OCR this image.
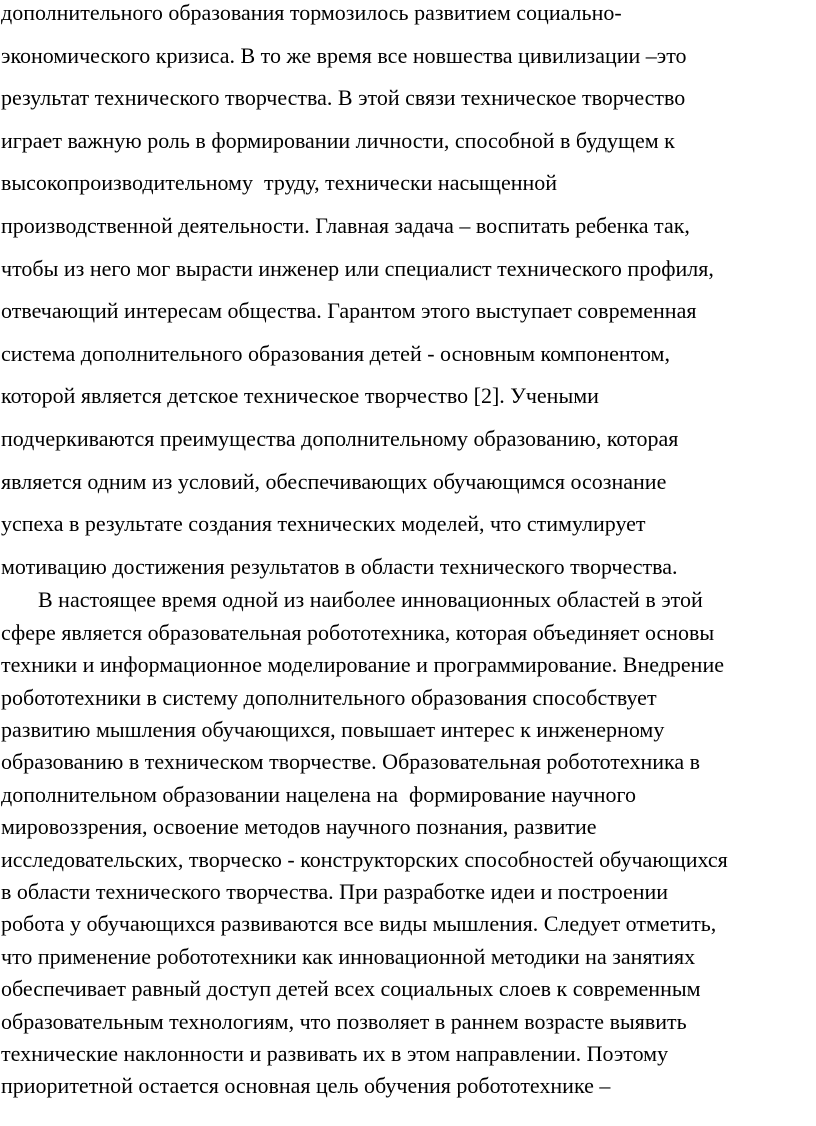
дополнительного образования тормозилось развитием социально-
экономического кризиса. В то же время все новшества цивилизации –это
результат технического творчества. В этой связи техническое творчество
играет важную роль в формировании личности, способной в будущем к
высокопроизводительному  труду, технически насыщенной
производственной деятельности. Главная задача – воспитать ребенка так,
чтобы из него мог вырасти инженер или специалист технического профиля,
отвечающий интересам общества. Гарантом этого выступает современная
система дополнительного образования детей - основным компонентом,
которой является детское техническое творчество [2]. Учеными
подчеркиваются преимущества дополнительному образованию, которая
является одним из условий, обеспечивающих обучающимся осознание
успеха в результате создания технических моделей, что стимулирует
мотивацию достижения результатов в области технического творчества.
В настоящее время одной из наиболее инновационных областей в этой
сфере является образовательная робототехника, которая объединяет основы
техники и информационное моделирование и программирование. Внедрение
робототехники в систему дополнительного образования способствует
развитию мышления обучающихся, повышает интерес к инженерному
образованию в техническом творчестве. Образовательная робототехника в
дополнительном образовании нацелена на  формирование научного
мировоззрения, освоение методов научного познания, развитие
исследовательских, творческо - конструкторских способностей обучающихся
в области технического творчества. При разработке идеи и построении
робота у обучающихся развиваются все виды мышления. Следует отметить,
что применение робототехники как инновационной методики на занятиях
обеспечивает равный доступ детей всех социальных слоев к современным
образовательным технологиям, что позволяет в раннем возрасте выявить
технические наклонности и развивать их в этом направлении. Поэтому
приоритетной остается основная цель обучения робототехнике –
